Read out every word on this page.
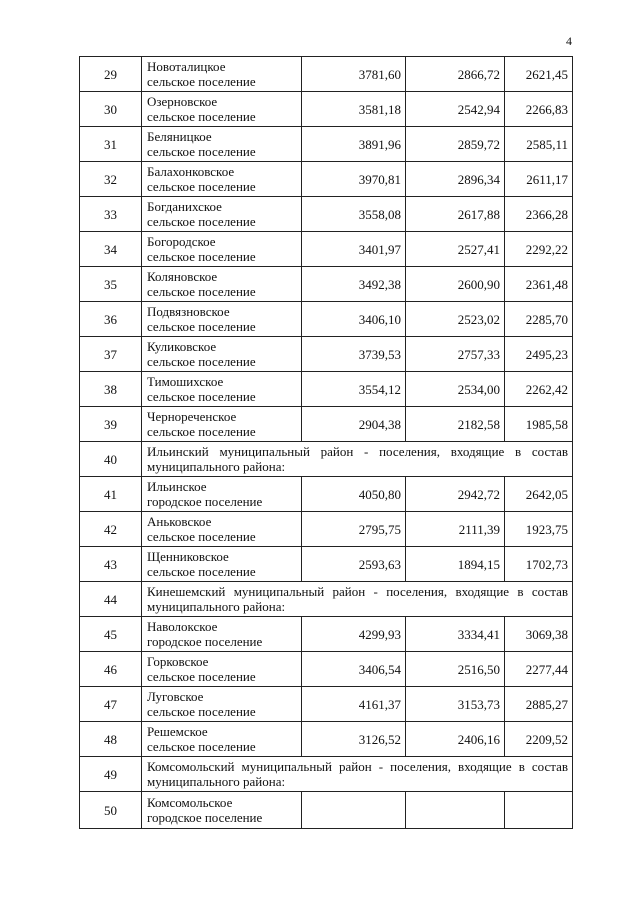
4
29	Новоталицкое
сельское поселение	3781,60	2866,72	2621,45
30	Озерновское
сельское поселение	3581,18	2542,94	2266,83
31	Беляницкое
сельское поселение	3891,96	2859,72	2585,11
32	Балахонковское
сельское поселение	3970,81	2896,34	2611,17
33	Богданихское
сельское поселение	3558,08	2617,88	2366,28
34	Богородское
сельское поселение	3401,97	2527,41	2292,22
35	Коляновское
сельское поселение	3492,38	2600,90	2361,48
36	Подвязновское
сельское поселение	3406,10	2523,02	2285,70
37	Куликовское
сельское поселение	3739,53	2757,33	2495,23
38	Тимошихское
сельское поселение	3554,12	2534,00	2262,42
39	Чернореченское
сельское поселение	2904,38	2182,58	1985,58
40	Ильинский муниципальный район - поселения, входящие в состав муниципального района:			
41	Ильинское
городское поселение	4050,80	2942,72	2642,05
42	Аньковское
сельское поселение	2795,75	2111,39	1923,75
43	Щенниковское
сельское поселение	2593,63	1894,15	1702,73
44	Кинешемский муниципальный район - поселения, входящие в состав муниципального района:			
45	Наволокское
городское поселение	4299,93	3334,41	3069,38
46	Горковское
сельское поселение	3406,54	2516,50	2277,44
47	Луговское
сельское поселение	4161,37	3153,73	2885,27
48	Решемское
сельское поселение	3126,52	2406,16	2209,52
49	Комсомольский муниципальный район - поселения, входящие в состав муниципального района:			
50	Комсомольское
городское поселение			
